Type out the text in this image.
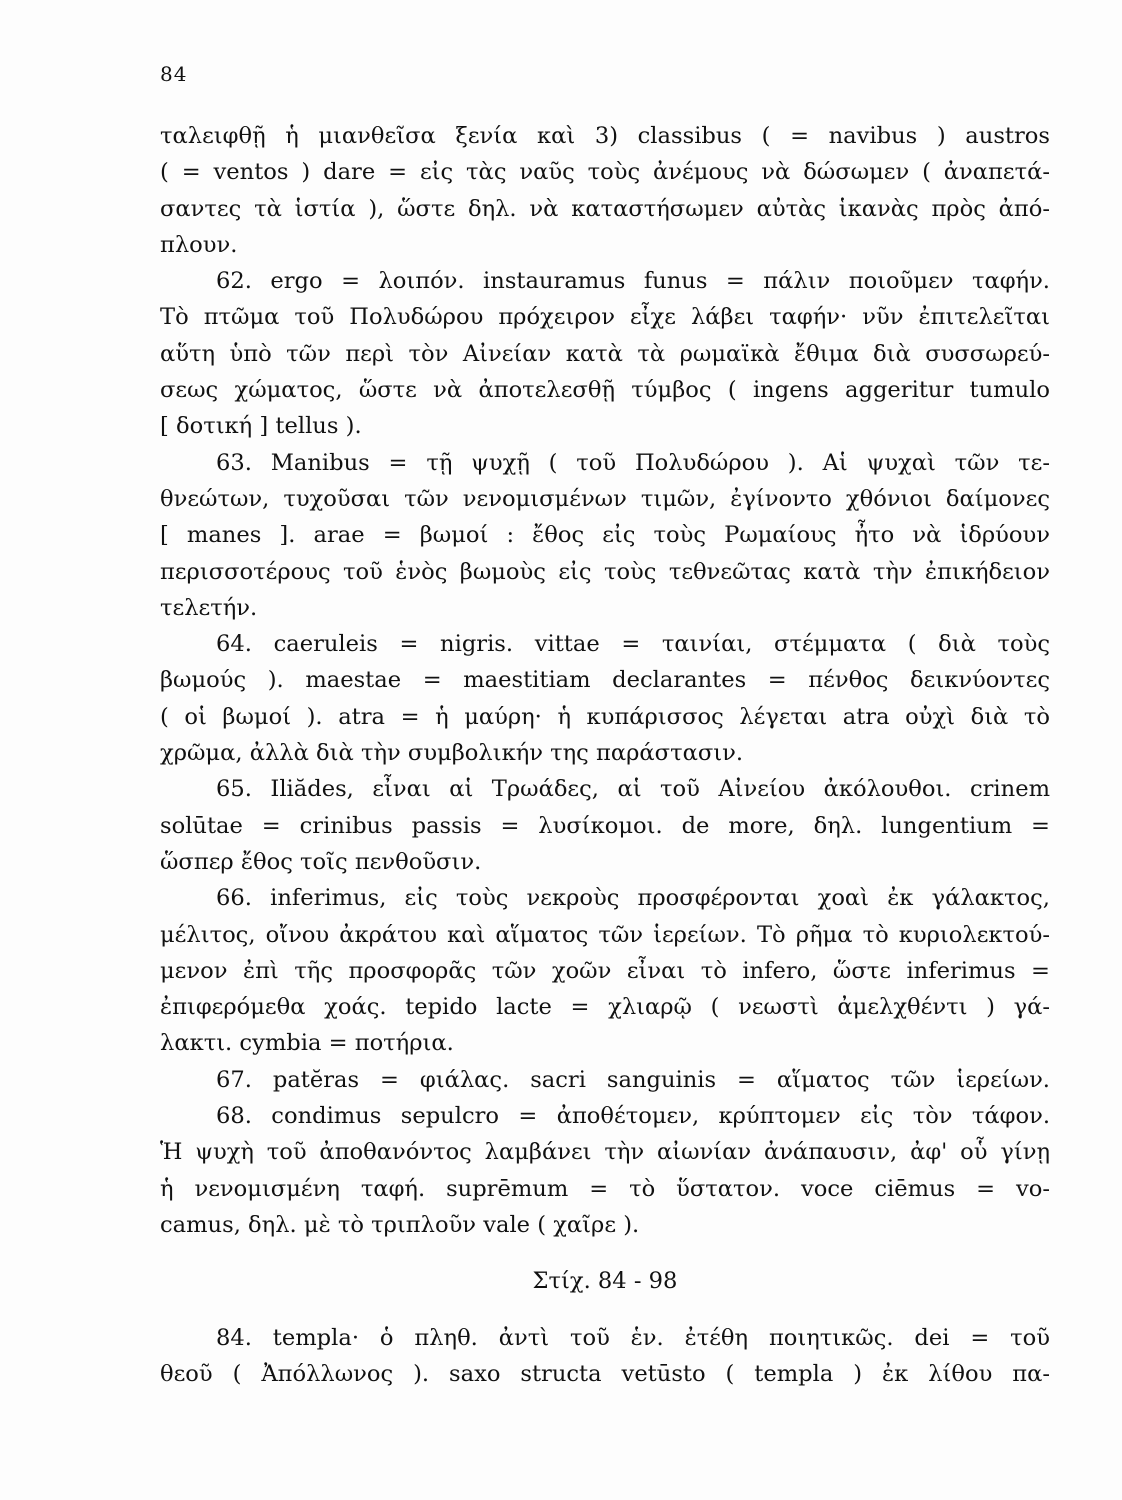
84
ταλειφθῇ ἡ μιανθεῖσα ξενία καὶ 3) classibus ( = navibus ) austros
( = ventos ) dare = εἰς τὰς ναῦς τοὺς ἀνέμους νὰ δώσωμεν ( ἀναπετά-
σαντες τὰ ἱστία ), ὥστε δηλ. νὰ καταστήσωμεν αὐτὰς ἱκανὰς πρὸς ἀπό-
πλουν.
62. ergo = λοιπόν. instauramus funus = πάλιν ποιοῦμεν ταφήν.
Τὸ πτῶμα τοῦ Πολυδώρου πρόχειρον εἶχε λάβει ταφήν· νῦν ἐπιτελεῖται
αὕτη ὑπὸ τῶν περὶ τὸν Αἰνείαν κατὰ τὰ ρωμαϊκὰ ἔθιμα διὰ συσσωρεύ-
σεως χώματος, ὥστε νὰ ἀποτελεσθῇ τύμβος ( ingens aggeritur tumulo
[ δοτική ] tellus ).
63. Manibus = τῇ ψυχῇ ( τοῦ Πολυδώρου ). Αἱ ψυχαὶ τῶν τε-
θνεώτων, τυχοῦσαι τῶν νενομισμένων τιμῶν, ἐγίνοντο χθόνιοι δαίμονες
[ manes ]. arae = βωμοί : ἔθος εἰς τοὺς Ρωμαίους ἦτο νὰ ἱδρύουν
περισσοτέρους τοῦ ἑνὸς βωμοὺς εἰς τοὺς τεθνεῶτας κατὰ τὴν ἐπικήδειον
τελετήν.
64. caeruleis = nigris. vittae = ταινίαι, στέμματα ( διὰ τοὺς
βωμούς ). maestae = maestitiam declarantes = πένθος δεικνύοντες
( οἱ βωμοί ). atra = ἡ μαύρη· ἡ κυπάρισσος λέγεται atra οὐχὶ διὰ τὸ
χρῶμα, ἀλλὰ διὰ τὴν συμβολικήν της παράστασιν.
65. Iliădes, εἶναι αἱ Τρωάδες, αἱ τοῦ Αἰνείου ἀκόλουθοι. crinem
solūtae = crinibus passis = λυσίκομοι. de more, δηλ. lungentium =
ὥσπερ ἔθος τοῖς πενθοῦσιν.
66. inferimus, εἰς τοὺς νεκροὺς προσφέρονται χοαὶ ἐκ γάλακτος,
μέλιτος, οἴνου ἀκράτου καὶ αἵματος τῶν ἱερείων. Τὸ ρῆμα τὸ κυριολεκτού-
μενον ἐπὶ τῆς προσφορᾶς τῶν χοῶν εἶναι τὸ infero, ὥστε inferimus =
ἐπιφερόμεθα χοάς. tepido lacte = χλιαρῷ ( νεωστὶ ἀμελχθέντι ) γά-
λακτι. cymbia = ποτήρια.
67. patĕras = φιάλας. sacri sanguinis = αἵματος τῶν ἱερείων.
68. condimus sepulcro = ἀποθέτομεν, κρύπτομεν εἰς τὸν τάφον.
Ἡ ψυχὴ τοῦ ἀποθανόντος λαμβάνει τὴν αἰωνίαν ἀνάπαυσιν, ἀφ' οὗ γίνῃ
ἡ νενομισμένη ταφή. suprēmum = τὸ ὕστατον. voce ciēmus = vo-
camus, δηλ. μὲ τὸ τριπλοῦν vale ( χαῖρε ).
Στίχ. 84 - 98
84. templa· ὁ πληθ. ἀντὶ τοῦ ἑν. ἐτέθη ποιητικῶς. dei = τοῦ
θεοῦ ( Ἀπόλλωνος ). saxo structa vetūsto ( templa ) ἐκ λίθου πα-
